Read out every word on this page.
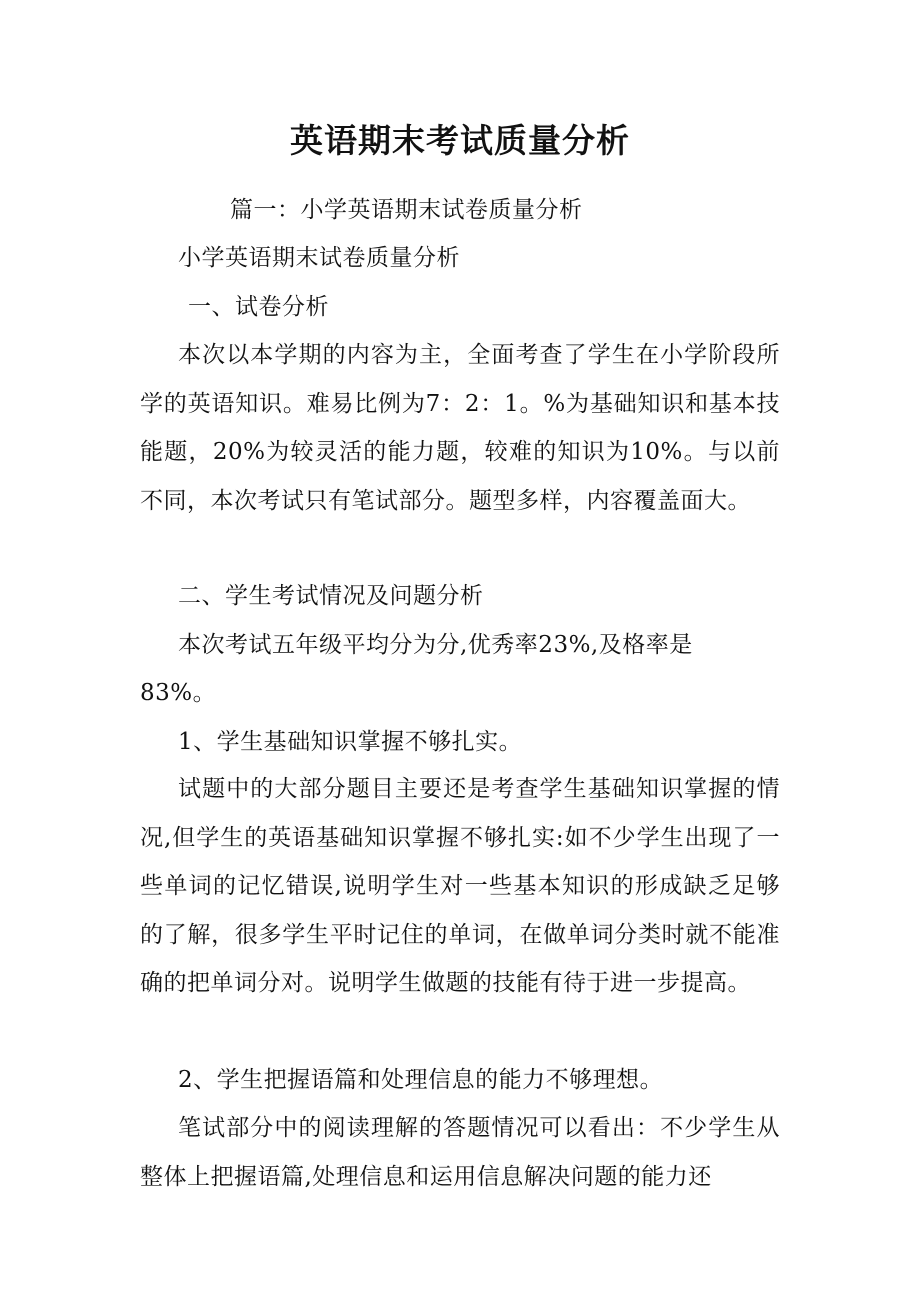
英语期末考试质量分析
篇一：小学英语期末试卷质量分析
小学英语期末试卷质量分析
一、试卷分析
本次以本学期的内容为主，全面考查了学生在小学阶段所学的英语知识。难易比例为7：2：1。%为基础知识和基本技能题，20%为较灵活的能力题，较难的知识为10%。与以前不同，本次考试只有笔试部分。题型多样，内容覆盖面大。
二、学生考试情况及问题分析
本次考试五年级平均分为分,优秀率23%,及格率是
83%。
1、学生基础知识掌握不够扎实。
试题中的大部分题目主要还是考查学生基础知识掌握的情况,但学生的英语基础知识掌握不够扎实:如不少学生出现了一些单词的记忆错误,说明学生对一些基本知识的形成缺乏足够的了解，很多学生平时记住的单词，在做单词分类时就不能准确的把单词分对。说明学生做题的技能有待于进一步提高。
2、学生把握语篇和处理信息的能力不够理想。
笔试部分中的阅读理解的答题情况可以看出：不少学生从整体上把握语篇,处理信息和运用信息解决问题的能力还
